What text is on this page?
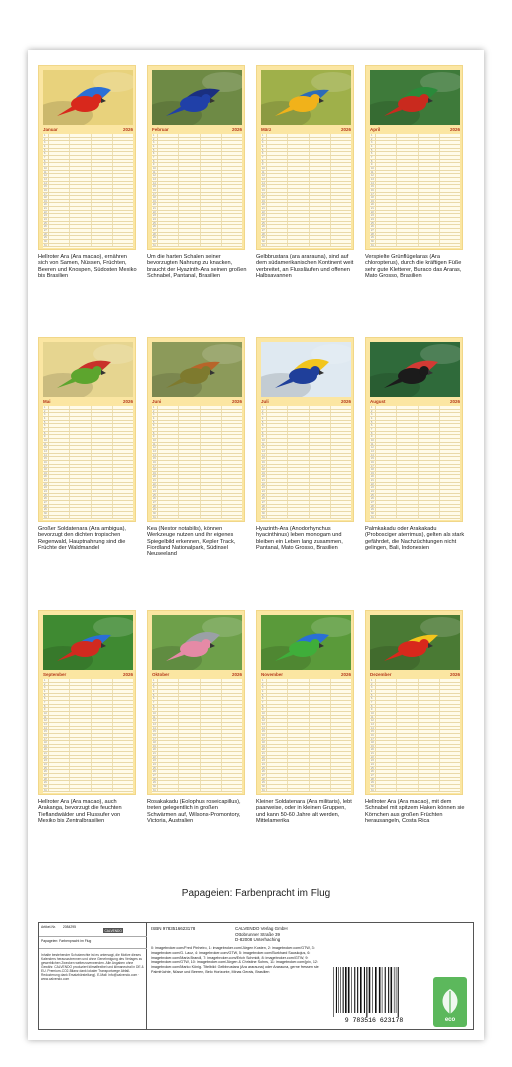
Januar	2026
1
2
3
4
5
6
7
8
9
10
11
12
13
14
15
16
17
18
19
20
21
22
23
24
25
26
27
28
29
30
31
Hellroter Ara (Ara macao), ernähren sich von Samen, Nüssen, Früchten, Beeren und Knospen, Südosten Mexiko bis Brasilien
Februar	2026
1
2
3
4
5
6
7
8
9
10
11
12
13
14
15
16
17
18
19
20
21
22
23
24
25
26
27
28
29
30
31
Um die harten Schalen seiner bevorzugten Nahrung zu knacken, braucht der Hyazinth-Ara seinen großen Schnabel, Pantanal, Brasilien
März	2026
1
2
3
4
5
6
7
8
9
10
11
12
13
14
15
16
17
18
19
20
21
22
23
24
25
26
27
28
29
30
31
Gelbbrustara (ara ararauna), sind auf dem südamerikanischen Kontinent weit verbreitet, an Flussläufen und offenen Halbsavannen
April	2026
1
2
3
4
5
6
7
8
9
10
11
12
13
14
15
16
17
18
19
20
21
22
23
24
25
26
27
28
29
30
31
Verspielte Grünflügelaras (Ara chloropterus), durch die kräftigen Füße sehr gute Kletterer, Buraco das Araras, Mato Grosso, Brasilien
Mai	2026
1
2
3
4
5
6
7
8
9
10
11
12
13
14
15
16
17
18
19
20
21
22
23
24
25
26
27
28
29
30
31
Großer Soldatenara (Ara ambigua), bevorzugt den dichten tropischen Regenwald, Hauptnahrung sind die Früchte der Waldmandel
Juni	2026
1
2
3
4
5
6
7
8
9
10
11
12
13
14
15
16
17
18
19
20
21
22
23
24
25
26
27
28
29
30
31
Kea (Nestor notabilis), können Werkzeuge nutzen und ihr eigenes Spiegelbild erkennen, Kepler Track, Fiordland Nationalpark, Südinsel Neuseeland
Juli	2026
1
2
3
4
5
6
7
8
9
10
11
12
13
14
15
16
17
18
19
20
21
22
23
24
25
26
27
28
29
30
31
Hyazinth-Ara (Anodorhynchus hyacinthinus) leben monogam und bleiben ein Leben lang zusammen, Pantanal, Mato Grosso, Brasilien
August	2026
1
2
3
4
5
6
7
8
9
10
11
12
13
14
15
16
17
18
19
20
21
22
23
24
25
26
27
28
29
30
31
Palmkakadu oder Arakakadu (Probosciger aterrimus), gelten als stark gefährdet, die Nachzüchtungen nicht gelingen, Bali, Indonesien
September	2026
1
2
3
4
5
6
7
8
9
10
11
12
13
14
15
16
17
18
19
20
21
22
23
24
25
26
27
28
29
30
31
Hellroter Ara (Ara macao), auch Arakanga, bevorzugt die feuchten Tieflandwälder und Flussufer von Mexiko bis Zentralbrasilien
Oktober	2026
1
2
3
4
5
6
7
8
9
10
11
12
13
14
15
16
17
18
19
20
21
22
23
24
25
26
27
28
29
30
31
Rosakakadu (Eolophus roseicapillus), treten gelegentlich in großen Schwärmen auf, Wilsons-Promontory, Victoria, Australien
November	2026
1
2
3
4
5
6
7
8
9
10
11
12
13
14
15
16
17
18
19
20
21
22
23
24
25
26
27
28
29
30
31
Kleiner Soldatenara (Ara militaris), lebt paarweise, oder in kleinen Gruppen, und kann 50-60 Jahre alt werden, Mittelamerika
Dezember	2026
1
2
3
4
5
6
7
8
9
10
11
12
13
14
15
16
17
18
19
20
21
22
23
24
25
26
27
28
29
30
31
Hellroter Ara (Ara macao), mit dem Schnabel mit spitzem Haken können sie Körnchen aus großen Früchten herausangeln, Costa Rica
Papageien: Farbenpracht im Flug
Artikel-Nr. 2084295
CALVENDO
Papageien: Farbenpracht im Flug
Inhalte bestehender Schutzrechte ist es untersagt, die Motive dieses Kalenders herauszutrennen und ohne Genehmigung des Verlages zu gewerblichen Zwecken weiterzuverwenden. Alle Angaben ohne Gewähr. CALVENDO produziert klimaflexibel und klimaneutral in DE & EU. Premium-CO2-Bilanz dank lokaler Transportwege Abfall-Reduzierung dank Ersatzbürstellung). E-Mail: info@calvendo.com · www.calvendo.com
ISBN 9783516623178	CALVENDO Verlag GmbH
Ottobrunner Straße 39
D-82008 Unterhaching
0: imagebroker.com/Fred Pinheiro, 1: imagebroker.com/Jürgen Kosten, 2: imagebroker.com/GTW, 3: imagebroker.com/G. Lacz, 4: imagebroker.com/GTW, 5: imagebroker.com/Burkhard Sauskojus, 6: imagebroker.com/Maria Brandl, 7: imagebroker.com/Erich Schmidt, 8: imagebroker.com/GTW, 9: imagebroker.com/GTW, 10: imagebroker.com/Jürgen & Christine Sohns, 11: imagebroker.com/jpix, 12: imagebroker.com/Marko König. Titelbild: Gelbbrustara (Ara ararauna) oder Ararauna, gerne fressen sie Palmfrüchte, Nüsse und Beeren, Belo Horizonte, Minas Gerais, Brasilien
9 783516 623178	eco
